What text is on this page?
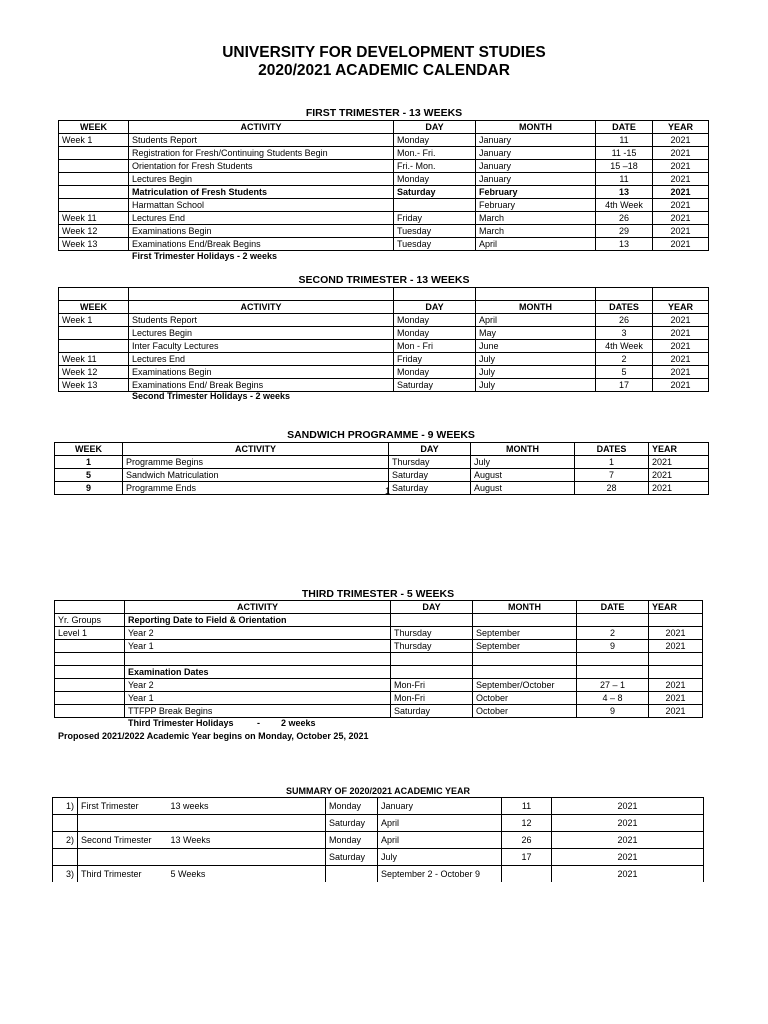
UNIVERSITY FOR DEVELOPMENT STUDIES
2020/2021 ACADEMIC CALENDAR
FIRST TRIMESTER - 13 WEEKS
WEEK	ACTIVITY	DAY	MONTH	DATE	YEAR
Week 1	Students Report	Monday	January	11	2021
	Registration for Fresh/Continuing Students Begin	Mon.- Fri.	January	11 -15	2021
	Orientation for Fresh Students	Fri.- Mon.	January	15 –18	2021
	Lectures Begin	Monday	January	11	2021
	Matriculation of Fresh Students	Saturday	February	13	2021
	Harmattan School		February	4th Week	2021
Week 11	Lectures End	Friday	March	26	2021
Week 12	Examinations Begin	Tuesday	March	29	2021
Week 13	Examinations End/Break Begins	Tuesday	April	13	2021
First Trimester Holidays - 2 weeks
SECOND TRIMESTER - 13 WEEKS

WEEK	ACTIVITY	DAY	MONTH	DATES	YEAR
Week 1	Students Report	Monday	April	26	2021
	Lectures Begin	Monday	May	3	2021
	Inter Faculty Lectures	Mon - Fri	June	4th Week	2021
Week 11	Lectures End	Friday	July	2	2021
Week 12	Examinations Begin	Monday	July	5	2021
Week 13	Examinations End/ Break Begins	Saturday	July	17	2021
Second Trimester Holidays - 2 weeks
SANDWICH PROGRAMME - 9 WEEKS
WEEK	ACTIVITY	DAY	MONTH	DATES	YEAR
1	Programme Begins	Thursday	July	1	2021
5	Sandwich Matriculation	Saturday	August	7	2021
9	Programme Ends	Saturday	August	28	2021
1
THIRD TRIMESTER - 5 WEEKS
	ACTIVITY	DAY	MONTH	DATE	YEAR
Yr. Groups	Reporting Date to Field & Orientation				
Level 1	Year 2	Thursday	September	2	2021
	Year 1	Thursday	September	9	2021

	Examination Dates				
	Year 2	Mon-Fri	September/October	27 – 1	2021
	Year 1	Mon-Fri	October	4 – 8	2021
	TTFPP Break Begins	Saturday	October	9	2021
Third Trimester Holidays	- 2 weeks
Proposed 2021/2022 Academic Year begins on Monday, October 25, 2021
SUMMARY OF 2020/2021 ACADEMIC YEAR
1)	First Trimester	13 weeks	Monday	January	11	2021
			Saturday	April	12	2021
2)	Second Trimester	13 Weeks	Monday	April	26	2021
			Saturday	July	17	2021
3)	Third Trimester	5 Weeks		September 2 - October 9		2021
